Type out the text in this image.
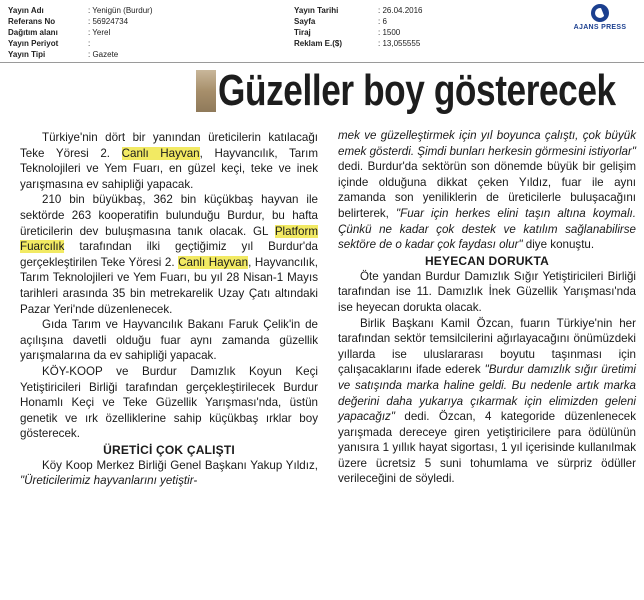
Yayın Adı	: Yenigün (Burdur)
Referans No	: 56924734
Dağıtım alanı	: Yerel
Yayın Periyot	:
Yayın Tipi	: Gazete
Yayın Tarihi	: 26.04.2016
Sayfa	: 6
Tiraj	: 1500
Reklam E.($)	: 13,055555
AJANS PRESS
Güzeller boy gösterecek

Türkiye'nin dört bir yanından üreticilerin katılacağı Teke Yöresi 2. Canlı Hayvan, Hayvancılık, Tarım Teknolojileri ve Yem Fuarı, en güzel keçi, teke ve inek yarışmasına ev sahipliği yapacak.

210 bin büyükbaş, 362 bin küçükbaş hayvan ile sektörde 263 kooperatifin bulunduğu Burdur, bu hafta üreticilerin dev buluşmasına tanık olacak. GL Platform Fuarcılık tarafından ilki geçtiğimiz yıl Burdur'da gerçekleştirilen Teke Yöresi 2. Canlı Hayvan, Hayvancılık, Tarım Teknolojileri ve Yem Fuarı, bu yıl 28 Nisan-1 Mayıs tarihleri arasında 35 bin metrekarelik Uzay Çatı altındaki Pazar Yeri'nde düzenlenecek.

Gıda Tarım ve Hayvancılık Bakanı Faruk Çelik'in de açılışına davetli olduğu fuar aynı zamanda güzellik yarışmalarına da ev sahipliği yapacak.

KÖY-KOOP ve Burdur Damızlık Koyun Keçi Yetiştiricileri Birliği tarafından gerçekleştirilecek Burdur Honamlı Keçi ve Teke Güzellik Yarışması'nda, üstün genetik ve ırk özelliklerine sahip küçükbaş ırklar boy gösterecek.

ÜRETİCİ ÇOK ÇALIŞTI

Köy Koop Merkez Birliği Genel Başkanı Yakup Yıldız, "Üreticilerimiz hayvanlarını yetiştir-

mek ve güzelleştirmek için yıl boyunca çalıştı, çok büyük emek gösterdi. Şimdi bunları herkesin görmesini istiyorlar" dedi. Burdur'da sektörün son dönemde büyük bir gelişim içinde olduğuna dikkat çeken Yıldız, fuar ile aynı zamanda son yeniliklerin de üreticilerle buluşacağını belirterek, "Fuar için herkes elini taşın altına koymalı. Çünkü ne kadar çok destek ve katılım sağlanabilirse sektöre de o kadar çok faydası olur" diye konuştu.

HEYECAN DORUKTA

Öte yandan Burdur Damızlık Sığır Yetiştiricileri Birliği tarafından ise 11. Damızlık İnek Güzellik Yarışması'nda ise heyecan dorukta olacak.

Birlik Başkanı Kamil Özcan, fuarın Türkiye'nin her tarafından sektör temsilcilerini ağırlayacağını önümüzdeki yıllarda ise uluslararası boyutu taşınması için çalışacaklarını ifade ederek "Burdur damızlık sığır üretimi ve satışında marka haline geldi. Bu nedenle artık marka değerini daha yukarıya çıkarmak için elimizden geleni yapacağız" dedi. Özcan, 4 kategoride düzenlenecek yarışmada dereceye giren yetiştiricilere para ödülünün yanısıra 1 yıllık hayat sigortası, 1 yıl içerisinde kullanılmak üzere ücretsiz 5 suni tohumlama ve sürpriz ödüller verileceğini de söyledi.
